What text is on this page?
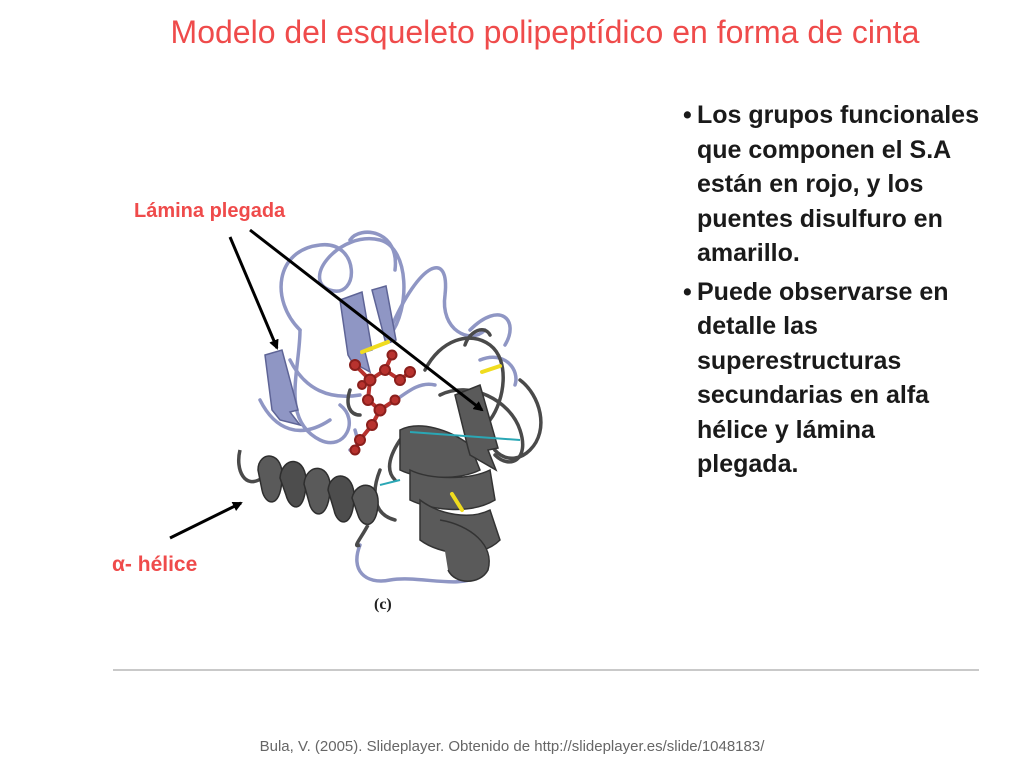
Modelo del esqueleto polipeptídico en forma de cinta
• Los grupos funcionales que componen el S.A están en rojo, y los puentes disulfuro en amarillo.
• Puede observarse en detalle las superestructuras secundarias en alfa hélice y lámina plegada.
Lámina plegada
α- hélice
(c)
Bula, V. (2005). Slideplayer. Obtenido de http://slideplayer.es/slide/1048183/
